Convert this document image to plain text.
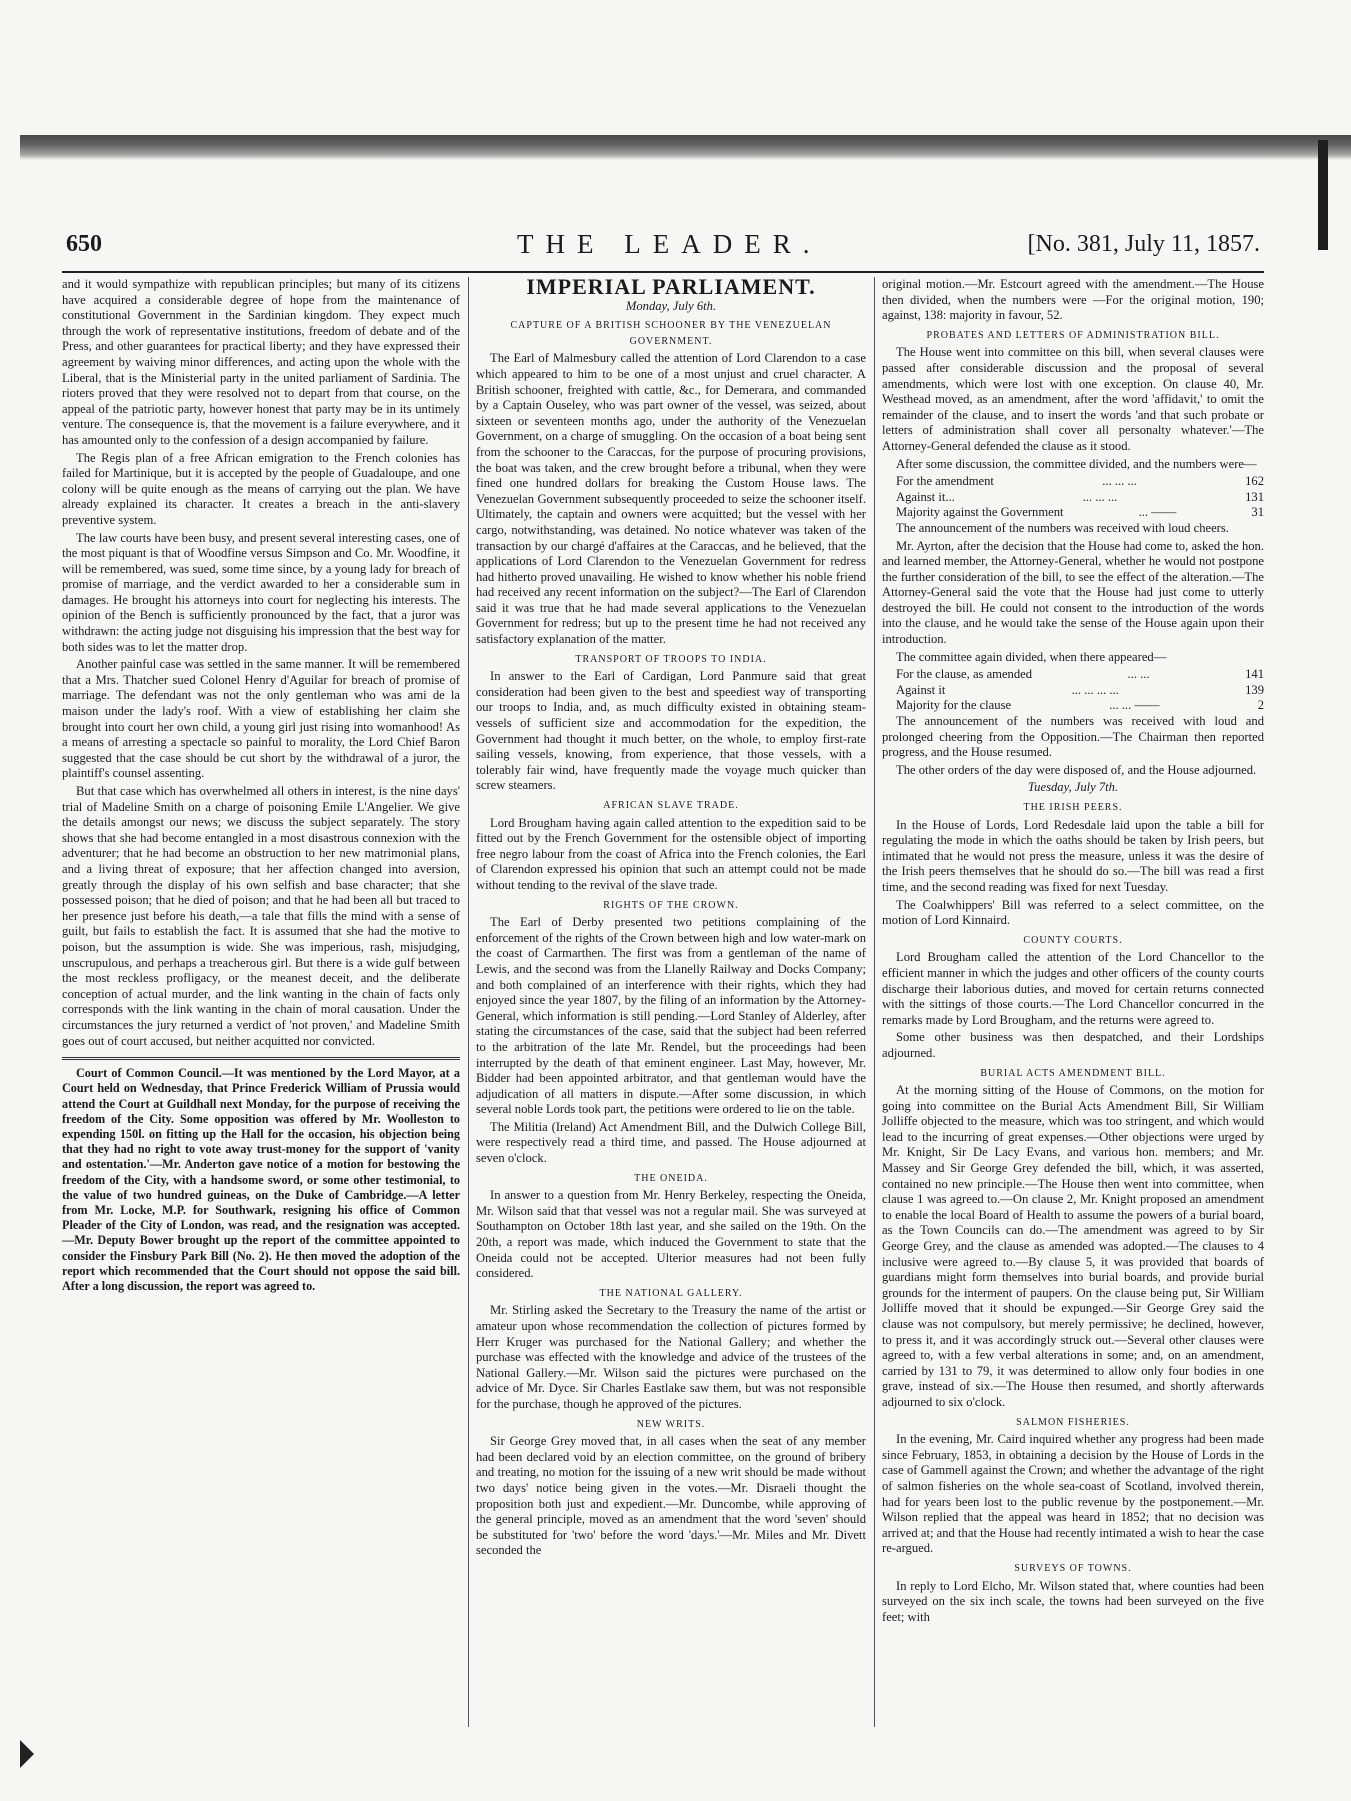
650	THE LEADER.	[No. 381, July 11, 1857.

and it would sympathize with republican principles; but many of its citizens have acquired a considerable degree of hope from the maintenance of constitutional Government in the Sardinian kingdom. They expect much through the work of representative institutions, freedom of debate and of the Press, and other guarantees for practical liberty; and they have expressed their agreement by waiving minor differences, and acting upon the whole with the Liberal, that is the Ministerial party in the united parliament of Sardinia. The rioters proved that they were resolved not to depart from that course, on the appeal of the patriotic party, however honest that party may be in its untimely venture. The consequence is, that the movement is a failure everywhere, and it has amounted only to the confession of a design accompanied by failure.

The Regis plan of a free African emigration to the French colonies has failed for Martinique, but it is accepted by the people of Guadaloupe, and one colony will be quite enough as the means of carrying out the plan. We have already explained its character. It creates a breach in the anti-slavery preventive system.

The law courts have been busy, and present several interesting cases, one of the most piquant is that of Woodfine versus Simpson and Co. Mr. Woodfine, it will be remembered, was sued, some time since, by a young lady for breach of promise of marriage, and the verdict awarded to her a considerable sum in damages. He brought his attorneys into court for neglecting his interests. The opinion of the Bench is sufficiently pronounced by the fact, that a juror was withdrawn: the acting judge not disguising his impression that the best way for both sides was to let the matter drop.

Another painful case was settled in the same manner. It will be remembered that a Mrs. Thatcher sued Colonel Henry d'Aguilar for breach of promise of marriage. The defendant was not the only gentleman who was ami de la maison under the lady's roof. With a view of establishing her claim she brought into court her own child, a young girl just rising into womanhood! As a means of arresting a spectacle so painful to morality, the Lord Chief Baron suggested that the case should be cut short by the withdrawal of a juror, the plaintiff's counsel assenting.

But that case which has overwhelmed all others in interest, is the nine days' trial of Madeline Smith on a charge of poisoning Emile L'Angelier. We give the details amongst our news; we discuss the subject separately. The story shows that she had become entangled in a most disastrous connexion with the adventurer; that he had become an obstruction to her new matrimonial plans, and a living threat of exposure; that her affection changed into aversion, greatly through the display of his own selfish and base character; that she possessed poison; that he died of poison; and that he had been all but traced to her presence just before his death,—a tale that fills the mind with a sense of guilt, but fails to establish the fact. It is assumed that she had the motive to poison, but the assumption is wide. She was imperious, rash, misjudging, unscrupulous, and perhaps a treacherous girl. But there is a wide gulf between the most reckless profligacy, or the meanest deceit, and the deliberate conception of actual murder, and the link wanting in the chain of facts only corresponds with the link wanting in the chain of moral causation. Under the circumstances the jury returned a verdict of 'not proven,' and Madeline Smith goes out of court accused, but neither acquitted nor convicted.

Court of Common Council.—It was mentioned by the Lord Mayor, at a Court held on Wednesday, that Prince Frederick William of Prussia would attend the Court at Guildhall next Monday, for the purpose of receiving the freedom of the City. Some opposition was offered by Mr. Woolleston to expending 150l. on fitting up the Hall for the occasion, his objection being that they had no right to vote away trust-money for the support of 'vanity and ostentation.'—Mr. Anderton gave notice of a motion for bestowing the freedom of the City, with a handsome sword, or some other testimonial, to the value of two hundred guineas, on the Duke of Cambridge.—A letter from Mr. Locke, M.P. for Southwark, resigning his office of Common Pleader of the City of London, was read, and the resignation was accepted.—Mr. Deputy Bower brought up the report of the committee appointed to consider the Finsbury Park Bill (No. 2). He then moved the adoption of the report which recommended that the Court should not oppose the said bill. After a long discussion, the report was agreed to.

IMPERIAL PARLIAMENT.
Monday, July 6th.
CAPTURE OF A BRITISH SCHOONER BY THE VENEZUELAN GOVERNMENT.

The Earl of Malmesbury called the attention of Lord Clarendon to a case which appeared to him to be one of a most unjust and cruel character. A British schooner, freighted with cattle, &c., for Demerara, and commanded by a Captain Ouseley, who was part owner of the vessel, was seized, about sixteen or seventeen months ago, under the authority of the Venezuelan Government, on a charge of smuggling. On the occasion of a boat being sent from the schooner to the Caraccas, for the purpose of procuring provisions, the boat was taken, and the crew brought before a tribunal, when they were fined one hundred dollars for breaking the Custom House laws. The Venezuelan Government subsequently proceeded to seize the schooner itself. Ultimately, the captain and owners were acquitted; but the vessel with her cargo, notwithstanding, was detained. No notice whatever was taken of the transaction by our chargé d'affaires at the Caraccas, and he believed, that the applications of Lord Clarendon to the Venezuelan Government for redress had hitherto proved unavailing. He wished to know whether his noble friend had received any recent information on the subject?—The Earl of Clarendon said it was true that he had made several applications to the Venezuelan Government for redress; but up to the present time he had not received any satisfactory explanation of the matter.

TRANSPORT OF TROOPS TO INDIA.

In answer to the Earl of Cardigan, Lord Panmure said that great consideration had been given to the best and speediest way of transporting our troops to India, and, as much difficulty existed in obtaining steam-vessels of sufficient size and accommodation for the expedition, the Government had thought it much better, on the whole, to employ first-rate sailing vessels, knowing, from experience, that those vessels, with a tolerably fair wind, have frequently made the voyage much quicker than screw steamers.

AFRICAN SLAVE TRADE.

Lord Brougham having again called attention to the expedition said to be fitted out by the French Government for the ostensible object of importing free negro labour from the coast of Africa into the French colonies, the Earl of Clarendon expressed his opinion that such an attempt could not be made without tending to the revival of the slave trade.

RIGHTS OF THE CROWN.

The Earl of Derby presented two petitions complaining of the enforcement of the rights of the Crown between high and low water-mark on the coast of Carmarthen. The first was from a gentleman of the name of Lewis, and the second was from the Llanelly Railway and Docks Company; and both complained of an interference with their rights, which they had enjoyed since the year 1807, by the filing of an information by the Attorney-General, which information is still pending.—Lord Stanley of Alderley, after stating the circumstances of the case, said that the subject had been referred to the arbitration of the late Mr. Rendel, but the proceedings had been interrupted by the death of that eminent engineer. Last May, however, Mr. Bidder had been appointed arbitrator, and that gentleman would have the adjudication of all matters in dispute.—After some discussion, in which several noble Lords took part, the petitions were ordered to lie on the table.

The Militia (Ireland) Act Amendment Bill, and the Dulwich College Bill, were respectively read a third time, and passed. The House adjourned at seven o'clock.

THE ONEIDA.

In answer to a question from Mr. Henry Berkeley, respecting the Oneida, Mr. Wilson said that that vessel was not a regular mail. She was surveyed at Southampton on October 18th last year, and she sailed on the 19th. On the 20th, a report was made, which induced the Government to state that the Oneida could not be accepted. Ulterior measures had not been fully considered.

THE NATIONAL GALLERY.

Mr. Stirling asked the Secretary to the Treasury the name of the artist or amateur upon whose recommendation the collection of pictures formed by Herr Kruger was purchased for the National Gallery; and whether the purchase was effected with the knowledge and advice of the trustees of the National Gallery.—Mr. Wilson said the pictures were purchased on the advice of Mr. Dyce. Sir Charles Eastlake saw them, but was not responsible for the purchase, though he approved of the pictures.

NEW WRITS.

Sir George Grey moved that, in all cases when the seat of any member had been declared void by an election committee, on the ground of bribery and treating, no motion for the issuing of a new writ should be made without two days' notice being given in the votes.—Mr. Disraeli thought the proposition both just and expedient.—Mr. Duncombe, while approving of the general principle, moved as an amendment that the word 'seven' should be substituted for 'two' before the word 'days.'—Mr. Miles and Mr. Divett seconded the

original motion.—Mr. Estcourt agreed with the amendment.—The House then divided, when the numbers were —For the original motion, 190; against, 138: majority in favour, 52.

PROBATES AND LETTERS OF ADMINISTRATION BILL.

The House went into committee on this bill, when several clauses were passed after considerable discussion and the proposal of several amendments, which were lost with one exception. On clause 40, Mr. Westhead moved, as an amendment, after the word 'affidavit,' to omit the remainder of the clause, and to insert the words 'and that such probate or letters of administration shall cover all personalty whatever.'—The Attorney-General defended the clause as it stood.

After some discussion, the committee divided, and the numbers were—

For the amendment	... ... ...	162
Against it...	... ... ...	131
Majority against the Government	... ——	31

The announcement of the numbers was received with loud cheers.

Mr. Ayrton, after the decision that the House had come to, asked the hon. and learned member, the Attorney-General, whether he would not postpone the further consideration of the bill, to see the effect of the alteration.—The Attorney-General said the vote that the House had just come to utterly destroyed the bill. He could not consent to the introduction of the words into the clause, and he would take the sense of the House again upon their introduction.

The committee again divided, when there appeared—

For the clause, as amended	... ...	141
Against it	... ... ... ...	139
Majority for the clause	... ... ——	2

The announcement of the numbers was received with loud and prolonged cheering from the Opposition.—The Chairman then reported progress, and the House resumed.

The other orders of the day were disposed of, and the House adjourned.

Tuesday, July 7th.
THE IRISH PEERS.

In the House of Lords, Lord Redesdale laid upon the table a bill for regulating the mode in which the oaths should be taken by Irish peers, but intimated that he would not press the measure, unless it was the desire of the Irish peers themselves that he should do so.—The bill was read a first time, and the second reading was fixed for next Tuesday.

The Coalwhippers' Bill was referred to a select committee, on the motion of Lord Kinnaird.

COUNTY COURTS.

Lord Brougham called the attention of the Lord Chancellor to the efficient manner in which the judges and other officers of the county courts discharge their laborious duties, and moved for certain returns connected with the sittings of those courts.—The Lord Chancellor concurred in the remarks made by Lord Brougham, and the returns were agreed to.

Some other business was then despatched, and their Lordships adjourned.

BURIAL ACTS AMENDMENT BILL.

At the morning sitting of the House of Commons, on the motion for going into committee on the Burial Acts Amendment Bill, Sir William Jolliffe objected to the measure, which was too stringent, and which would lead to the incurring of great expenses.—Other objections were urged by Mr. Knight, Sir De Lacy Evans, and various hon. members; and Mr. Massey and Sir George Grey defended the bill, which, it was asserted, contained no new principle.—The House then went into committee, when clause 1 was agreed to.—On clause 2, Mr. Knight proposed an amendment to enable the local Board of Health to assume the powers of a burial board, as the Town Councils can do.—The amendment was agreed to by Sir George Grey, and the clause as amended was adopted.—The clauses to 4 inclusive were agreed to.—By clause 5, it was provided that boards of guardians might form themselves into burial boards, and provide burial grounds for the interment of paupers. On the clause being put, Sir William Jolliffe moved that it should be expunged.—Sir George Grey said the clause was not compulsory, but merely permissive; he declined, however, to press it, and it was accordingly struck out.—Several other clauses were agreed to, with a few verbal alterations in some; and, on an amendment, carried by 131 to 79, it was determined to allow only four bodies in one grave, instead of six.—The House then resumed, and shortly afterwards adjourned to six o'clock.

SALMON FISHERIES.

In the evening, Mr. Caird inquired whether any progress had been made since February, 1853, in obtaining a decision by the House of Lords in the case of Gammell against the Crown; and whether the advantage of the right of salmon fisheries on the whole sea-coast of Scotland, involved therein, had for years been lost to the public revenue by the postponement.—Mr. Wilson replied that the appeal was heard in 1852; that no decision was arrived at; and that the House had recently intimated a wish to hear the case re-argued.

SURVEYS OF TOWNS.

In reply to Lord Elcho, Mr. Wilson stated that, where counties had been surveyed on the six inch scale, the towns had been surveyed on the five feet; with
